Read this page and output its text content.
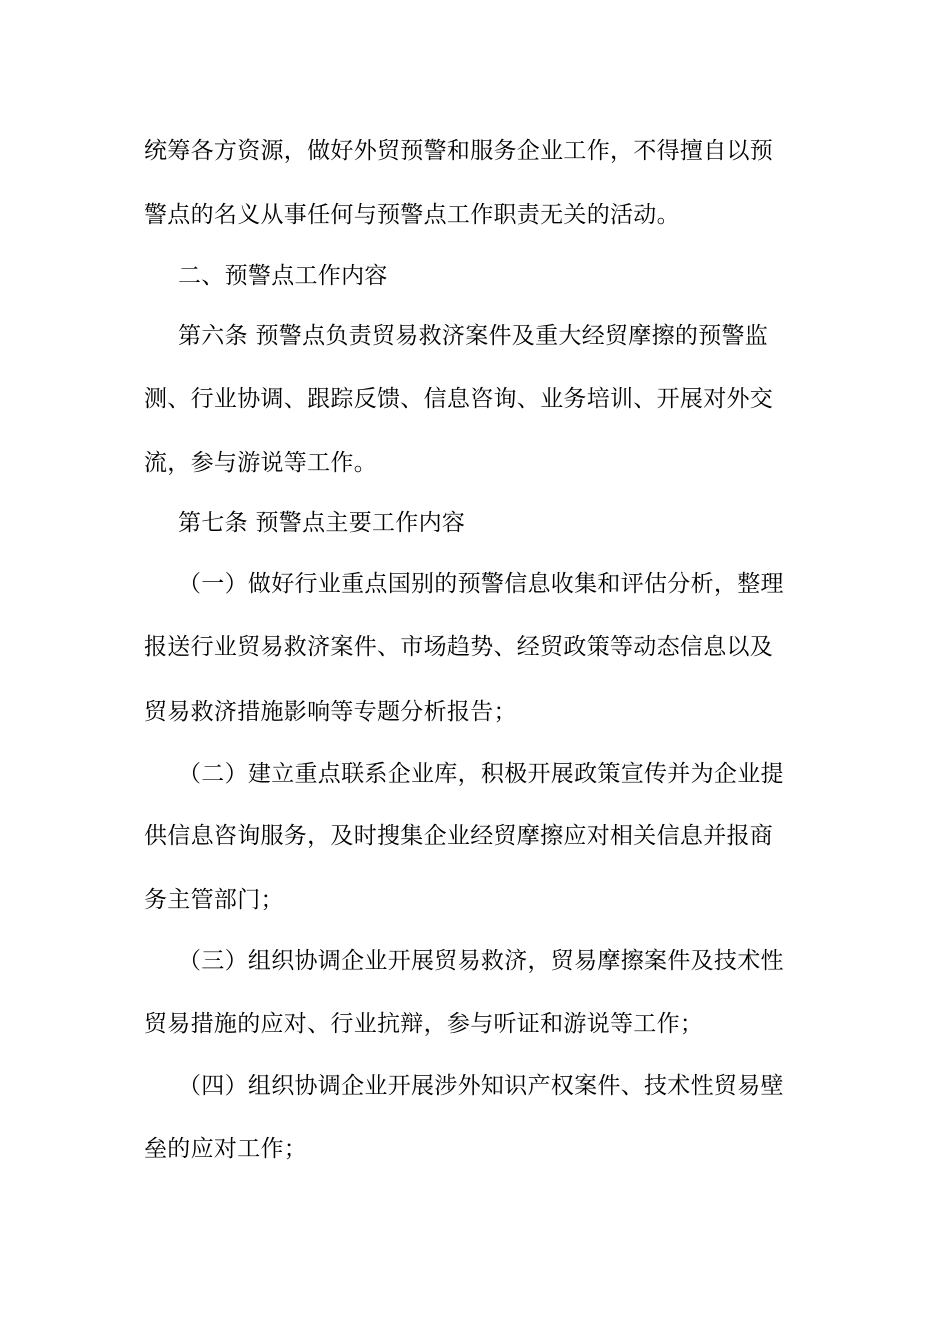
统筹各方资源，做好外贸预警和服务企业工作，不得擅自以预
警点的名义从事任何与预警点工作职责无关的活动。
二、预警点工作内容
第六条 预警点负责贸易救济案件及重大经贸摩擦的预警监
测、行业协调、跟踪反馈、信息咨询、业务培训、开展对外交
流，参与游说等工作。
第七条 预警点主要工作内容
（一）做好行业重点国别的预警信息收集和评估分析，整理
报送行业贸易救济案件、市场趋势、经贸政策等动态信息以及
贸易救济措施影响等专题分析报告；
（二）建立重点联系企业库，积极开展政策宣传并为企业提
供信息咨询服务，及时搜集企业经贸摩擦应对相关信息并报商
务主管部门；
（三）组织协调企业开展贸易救济，贸易摩擦案件及技术性
贸易措施的应对、行业抗辩，参与听证和游说等工作；
（四）组织协调企业开展涉外知识产权案件、技术性贸易壁
垒的应对工作；
